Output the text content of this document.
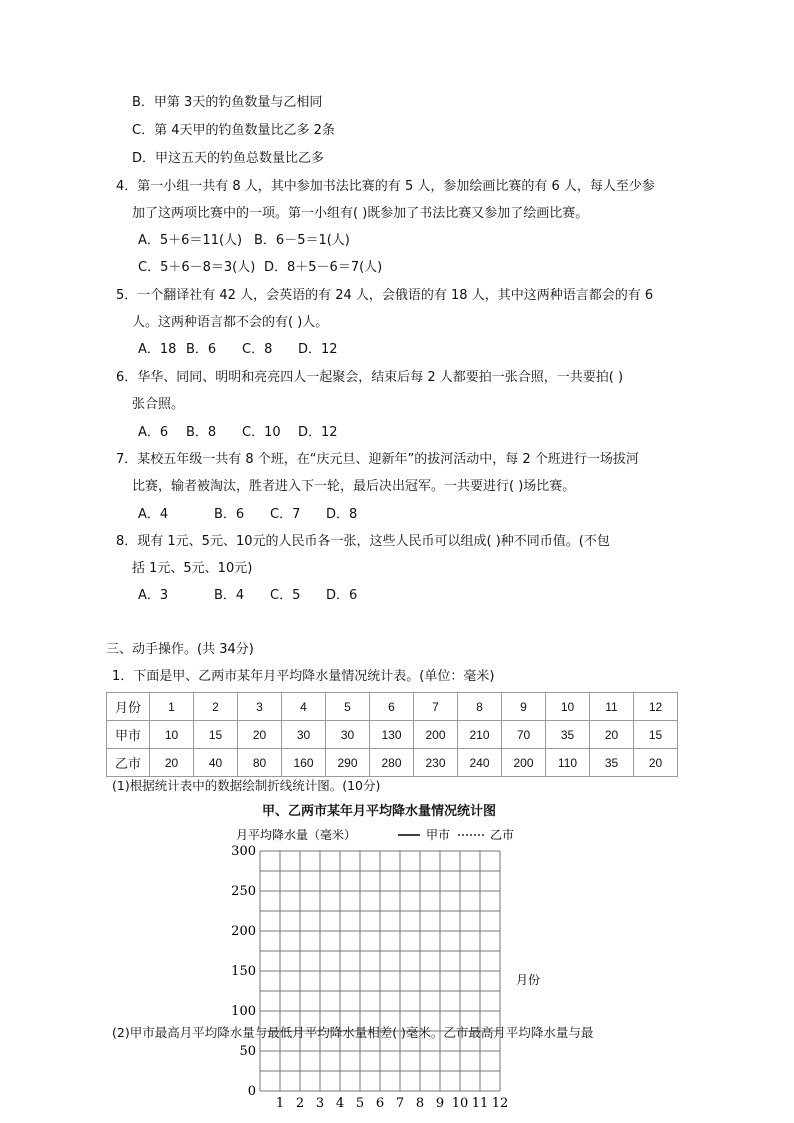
B．甲第 3天的钓鱼数量与乙相同
C．第 4天甲的钓鱼数量比乙多 2条
D．甲这五天的钓鱼总数量比乙多
4．第一小组一共有 8 人，其中参加书法比赛的有 5 人，参加绘画比赛的有 6 人，每人至少参
加了这两项比赛中的一项。第一小组有( )既参加了书法比赛又参加了绘画比赛。
A．5＋6＝11(人) B．6－5＝1(人)
C．5＋6－8＝3(人) D．8＋5－6＝7(人)
5．一个翻译社有 42 人，会英语的有 24 人，会俄语的有 18 人，其中这两种语言都会的有 6
人。这两种语言都不会的有( )人。
A．18 B．6 C．8 D．12
6．华华、同同、明明和亮亮四人一起聚会，结束后每 2 人都要拍一张合照，一共要拍( )
张合照。
A．6 B．8 C．10 D．12
7．某校五年级一共有 8 个班，在“庆元旦、迎新年”的拔河活动中，每 2 个班进行一场拔河
比赛，输者被淘汰，胜者进入下一轮，最后决出冠军。一共要进行( )场比赛。
A．4	B．6 C．7 D．8
8．现有 1元、5元、10元的人民币各一张，这些人民币可以组成( )种不同币值。(不包
括 1元、5元、10元)
A．3	B．4 C．5 D．6
三、动手操作。(共 34分)
1．下面是甲、乙两市某年月平均降水量情况统计表。(单位：毫米)
月份	1	2	3	4	5	6	7	8	9	10	11	12
甲市	10	15	20	30	30	130	200	210	70	35	20	15
乙市	20	40	80	160	290	280	230	240	200	110	35	20
(1)根据统计表中的数据绘制折线统计图。(10分)
甲、乙两市某年月平均降水量情况统计图
月平均降水量（毫米）	甲市	乙市
0
50
100
150
200
250
300
1 2 3 4 5 6 7 8 9 10 11 12
月份
(2)甲市最高月平均降水量与最低月平均降水量相差( )毫米。乙市最高月平均降水量与最
